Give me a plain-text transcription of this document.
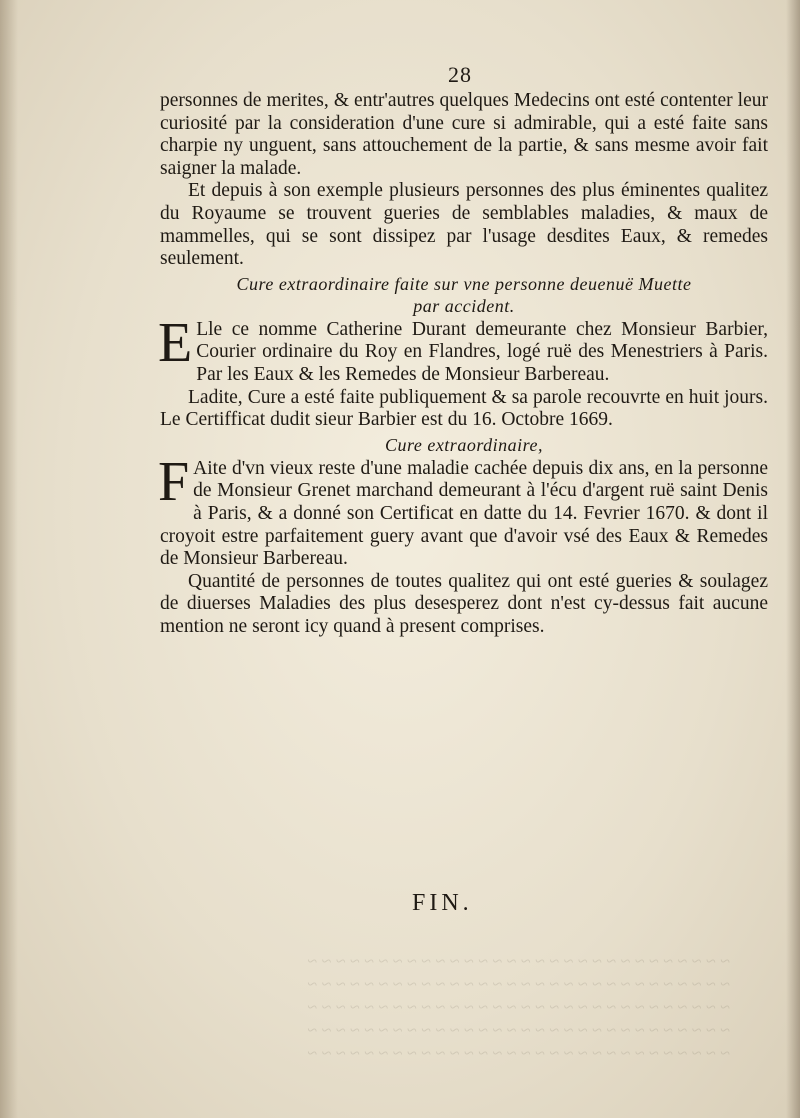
28

personnes de merites, & entr'autres quelques Medecins ont esté contenter leur curiosité par la consideration d'une cure si admirable, qui a esté faite sans charpie ny unguent, sans attouchement de la partie, & sans mesme avoir fait saigner la malade.

Et depuis à son exemple plusieurs personnes des plus éminentes qualitez du Royaume se trouvent gueries de semblables maladies, & maux de mammelles, qui se sont dissipez par l'usage desdites Eaux, & remedes seulement.

Cure extraordinaire faite sur vne personne deuenuë Muette
par accident.

E Lle ce nomme Catherine Durant demeurante chez Monsieur Barbier, Courier ordinaire du Roy en Flandres, logé ruë des Menestriers à Paris. Par les Eaux & les Remedes de Monsieur Barbereau.

Ladite, Cure a esté faite publiquement & sa parole recouvrte en huit jours. Le Certifficat dudit sieur Barbier est du 16. Octobre 1669.

Cure extraordinaire,

F Aite d'vn vieux reste d'une maladie cachée depuis dix ans, en la personne de Monsieur Grenet marchand demeurant à l'écu d'argent ruë saint Denis à Paris, & a donné son Certificat en datte du 14. Fevrier 1670. & dont il croyoit estre parfaitement guery avant que d'avoir vsé des Eaux & Remedes de Monsieur Barbereau.

Quantité de personnes de toutes qualitez qui ont esté gueries & soulagez de diuerses Maladies des plus desesperez dont n'est cy-dessus fait aucune mention ne seront icy quand à present comprises.

FIN.
~ ~ ~ ~ ~ ~ ~ ~ ~ ~ ~ ~ ~ ~ ~ ~ ~ ~ ~ ~ ~ ~ ~ ~ ~ ~ ~ ~ ~ ~
~ ~ ~ ~ ~ ~ ~ ~ ~ ~ ~ ~ ~ ~ ~ ~ ~ ~ ~ ~ ~ ~ ~ ~ ~ ~ ~ ~ ~ ~
~ ~ ~ ~ ~ ~ ~ ~ ~ ~ ~ ~ ~ ~ ~ ~ ~ ~ ~ ~ ~ ~ ~ ~ ~ ~ ~ ~ ~ ~
~ ~ ~ ~ ~ ~ ~ ~ ~ ~ ~ ~ ~ ~ ~ ~ ~ ~ ~ ~ ~ ~ ~ ~ ~ ~ ~ ~ ~ ~
~ ~ ~ ~ ~ ~ ~ ~ ~ ~ ~ ~ ~ ~ ~ ~ ~ ~ ~ ~ ~ ~ ~ ~ ~ ~ ~ ~ ~ ~
